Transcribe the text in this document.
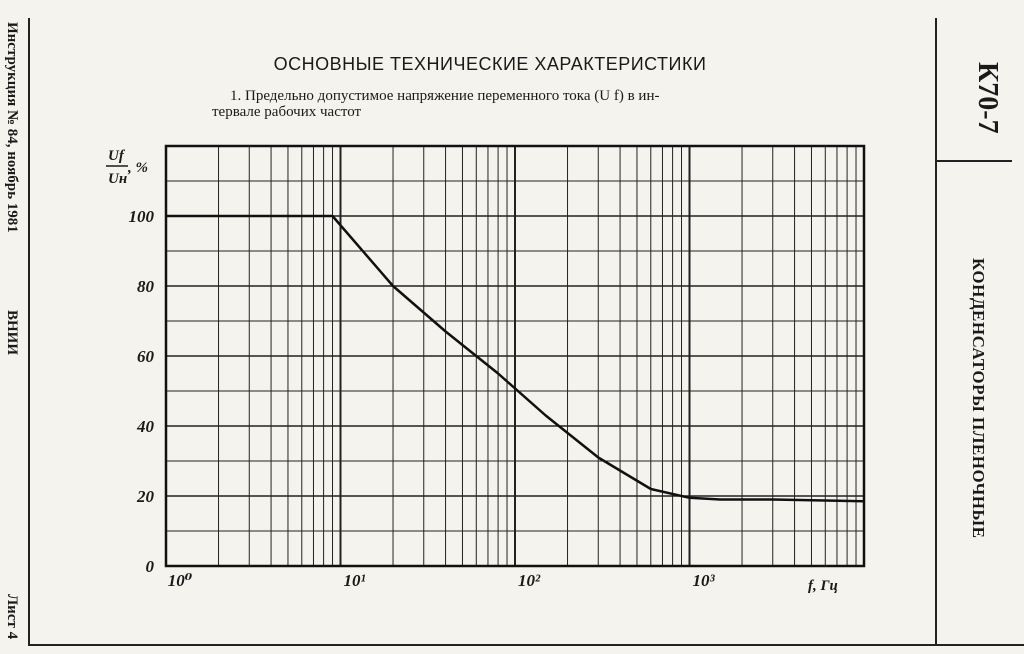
Инструкция № 84, ноябрь 1981
ВНИИ
Лист 4
К70-7
КОНДЕНСАТОРЫ ПЛЕНОЧНЫЕ
ОСНОВНЫЕ ТЕХНИЧЕСКИЕ ХАРАКТЕРИСТИКИ
1. Предельно допустимое напряжение переменного тока (U f) в ин-
тервале рабочих частот
Uf
Uн
, %
0
20
40
60
80
100
10⁰	10¹	10²	10³	f, Гц
